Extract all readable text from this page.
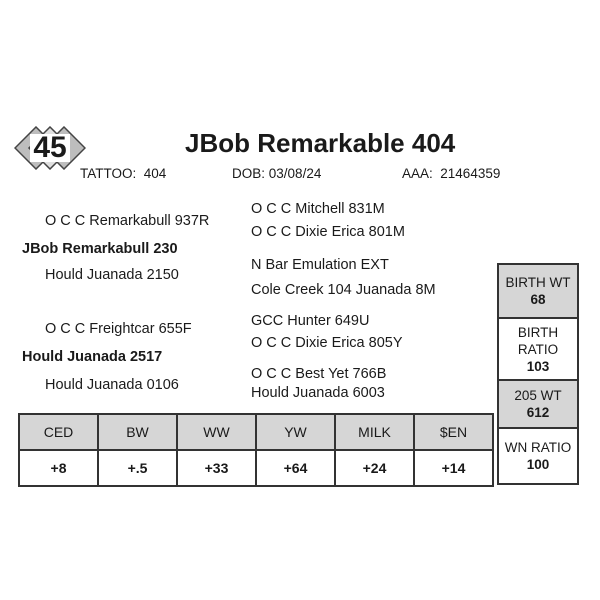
45	JBob Remarkable 404
TATTOO: 404	DOB: 03/08/24	AAA: 21464359
O C C Remarkabull 937R
JBob Remarkabull 230
Hould Juanada 2150
O C C Freightcar 655F
Hould Juanada 2517
Hould Juanada 0106
O C C Mitchell 831M
O C C Dixie Erica 801M
N Bar Emulation EXT
Cole Creek 104 Juanada 8M
GCC Hunter 649U
O C C Dixie Erica 805Y
O C C Best Yet 766B
Hould Juanada 6003
CED	BW	WW	YW	MILK	$EN
+8	+.5	+33	+64	+24	+14
BIRTH WT
68
BIRTH RATIO
103
205 WT
612
WN RATIO
100
